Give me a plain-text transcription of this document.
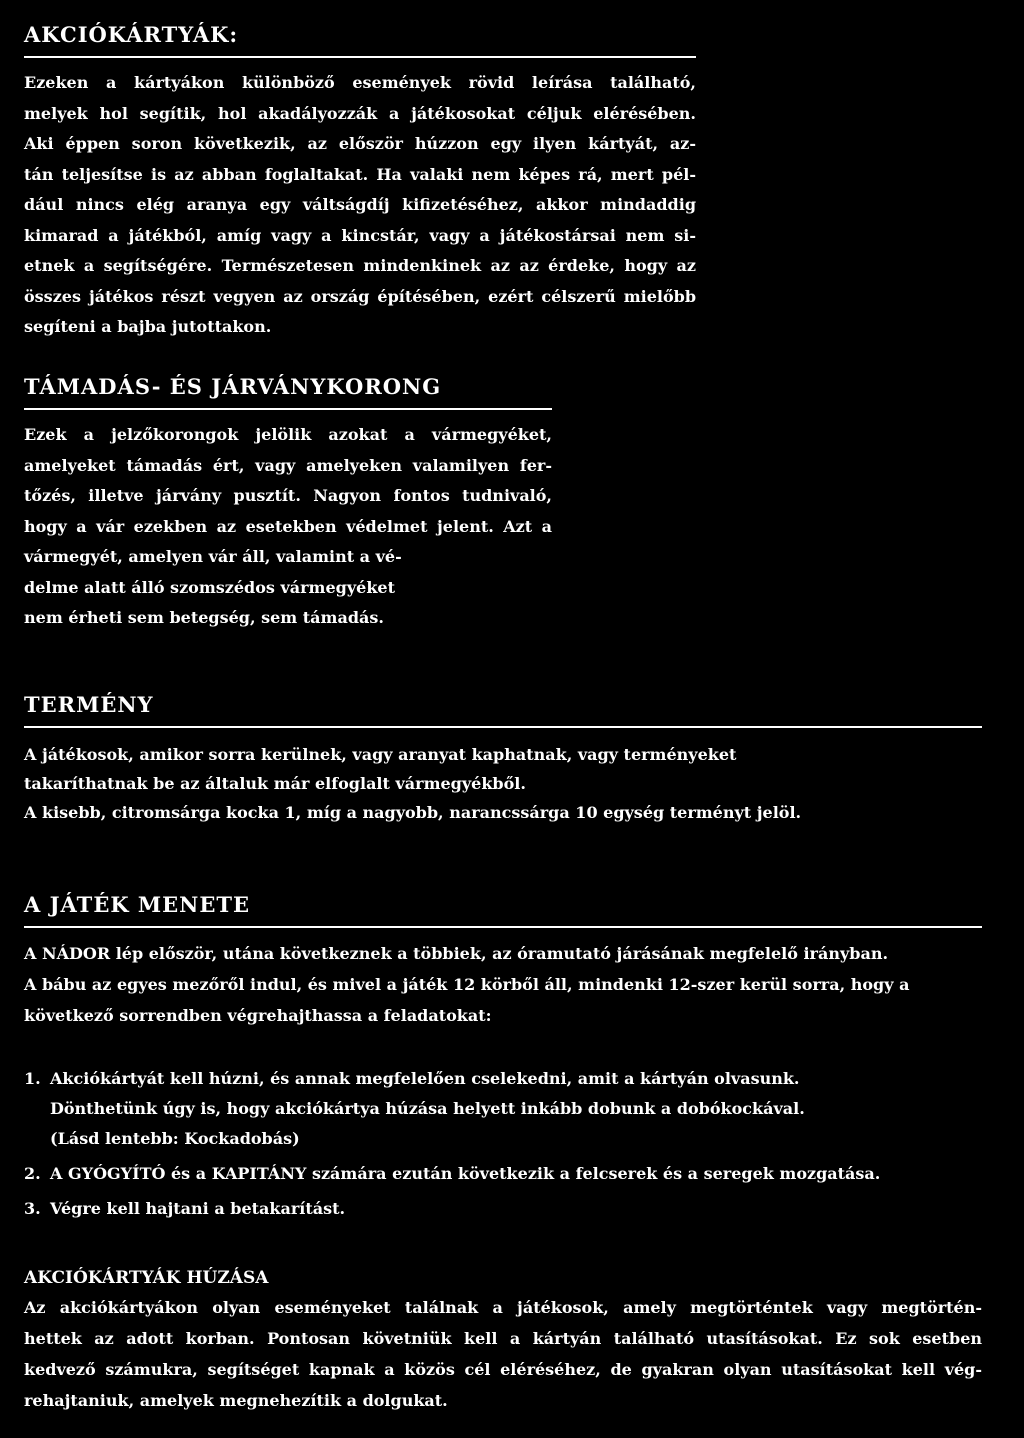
AKCIÓKÁRTYÁK:
Ezeken a kártyákon különböző események rövid leírása található,
melyek hol segítik, hol akadályozzák a játékosokat céljuk elérésében.
Aki éppen soron következik, az először húzzon egy ilyen kártyát, az-
tán teljesítse is az abban foglaltakat. Ha valaki nem képes rá, mert pél-
dául nincs elég aranya egy váltságdíj kifizetéséhez, akkor mindaddig
kimarad a játékból, amíg vagy a kincstár, vagy a játékostársai nem si-
etnek a segítségére. Természetesen mindenkinek az az érdeke, hogy az
összes játékos részt vegyen az ország építésében, ezért célszerű mielőbb
segíteni a bajba jutottakon.
TÁMADÁS- ÉS JÁRVÁNYKORONG
Ezek a jelzőkorongok jelölik azokat a vármegyéket,
amelyeket támadás ért, vagy amelyeken valamilyen fer-
tőzés, illetve járvány pusztít. Nagyon fontos tudnivaló,
hogy a vár ezekben az esetekben védelmet jelent. Azt a
vármegyét, amelyen vár áll, valamint a vé-
delme alatt álló szomszédos vármegyéket
nem érheti sem betegség, sem támadás.
TERMÉNY
A játékosok, amikor sorra kerülnek, vagy aranyat kaphatnak, vagy terményeket
takaríthatnak be az általuk már elfoglalt vármegyékből.
A kisebb, citromsárga kocka 1, míg a nagyobb, narancssárga 10 egység terményt jelöl.
A JÁTÉK MENETE
A NÁDOR lép először, utána következnek a többiek, az óramutató járásának megfelelő irányban.
A bábu az egyes mezőről indul, és mivel a játék 12 körből áll, mindenki 12-szer kerül sorra, hogy a
következő sorrendben végrehajthassa a feladatokat:
1. Akciókártyát kell húzni, és annak megfelelően cselekedni, amit a kártyán olvasunk.
Dönthetünk úgy is, hogy akciókártya húzása helyett inkább dobunk a dobókockával.
(Lásd lentebb: Kockadobás)
2. A GYÓGYÍTÓ és a KAPITÁNY számára ezután következik a felcserek és a seregek mozgatása.
3. Végre kell hajtani a betakarítást.
AKCIÓKÁRTYÁK HÚZÁSA
Az akciókártyákon olyan eseményeket találnak a játékosok, amely megtörténtek vagy megtörtén-
hettek az adott korban. Pontosan követniük kell a kártyán található utasításokat. Ez sok esetben
kedvező számukra, segítséget kapnak a közös cél eléréséhez, de gyakran olyan utasításokat kell vég-
rehajtaniuk, amelyek megnehezítik a dolgukat.
